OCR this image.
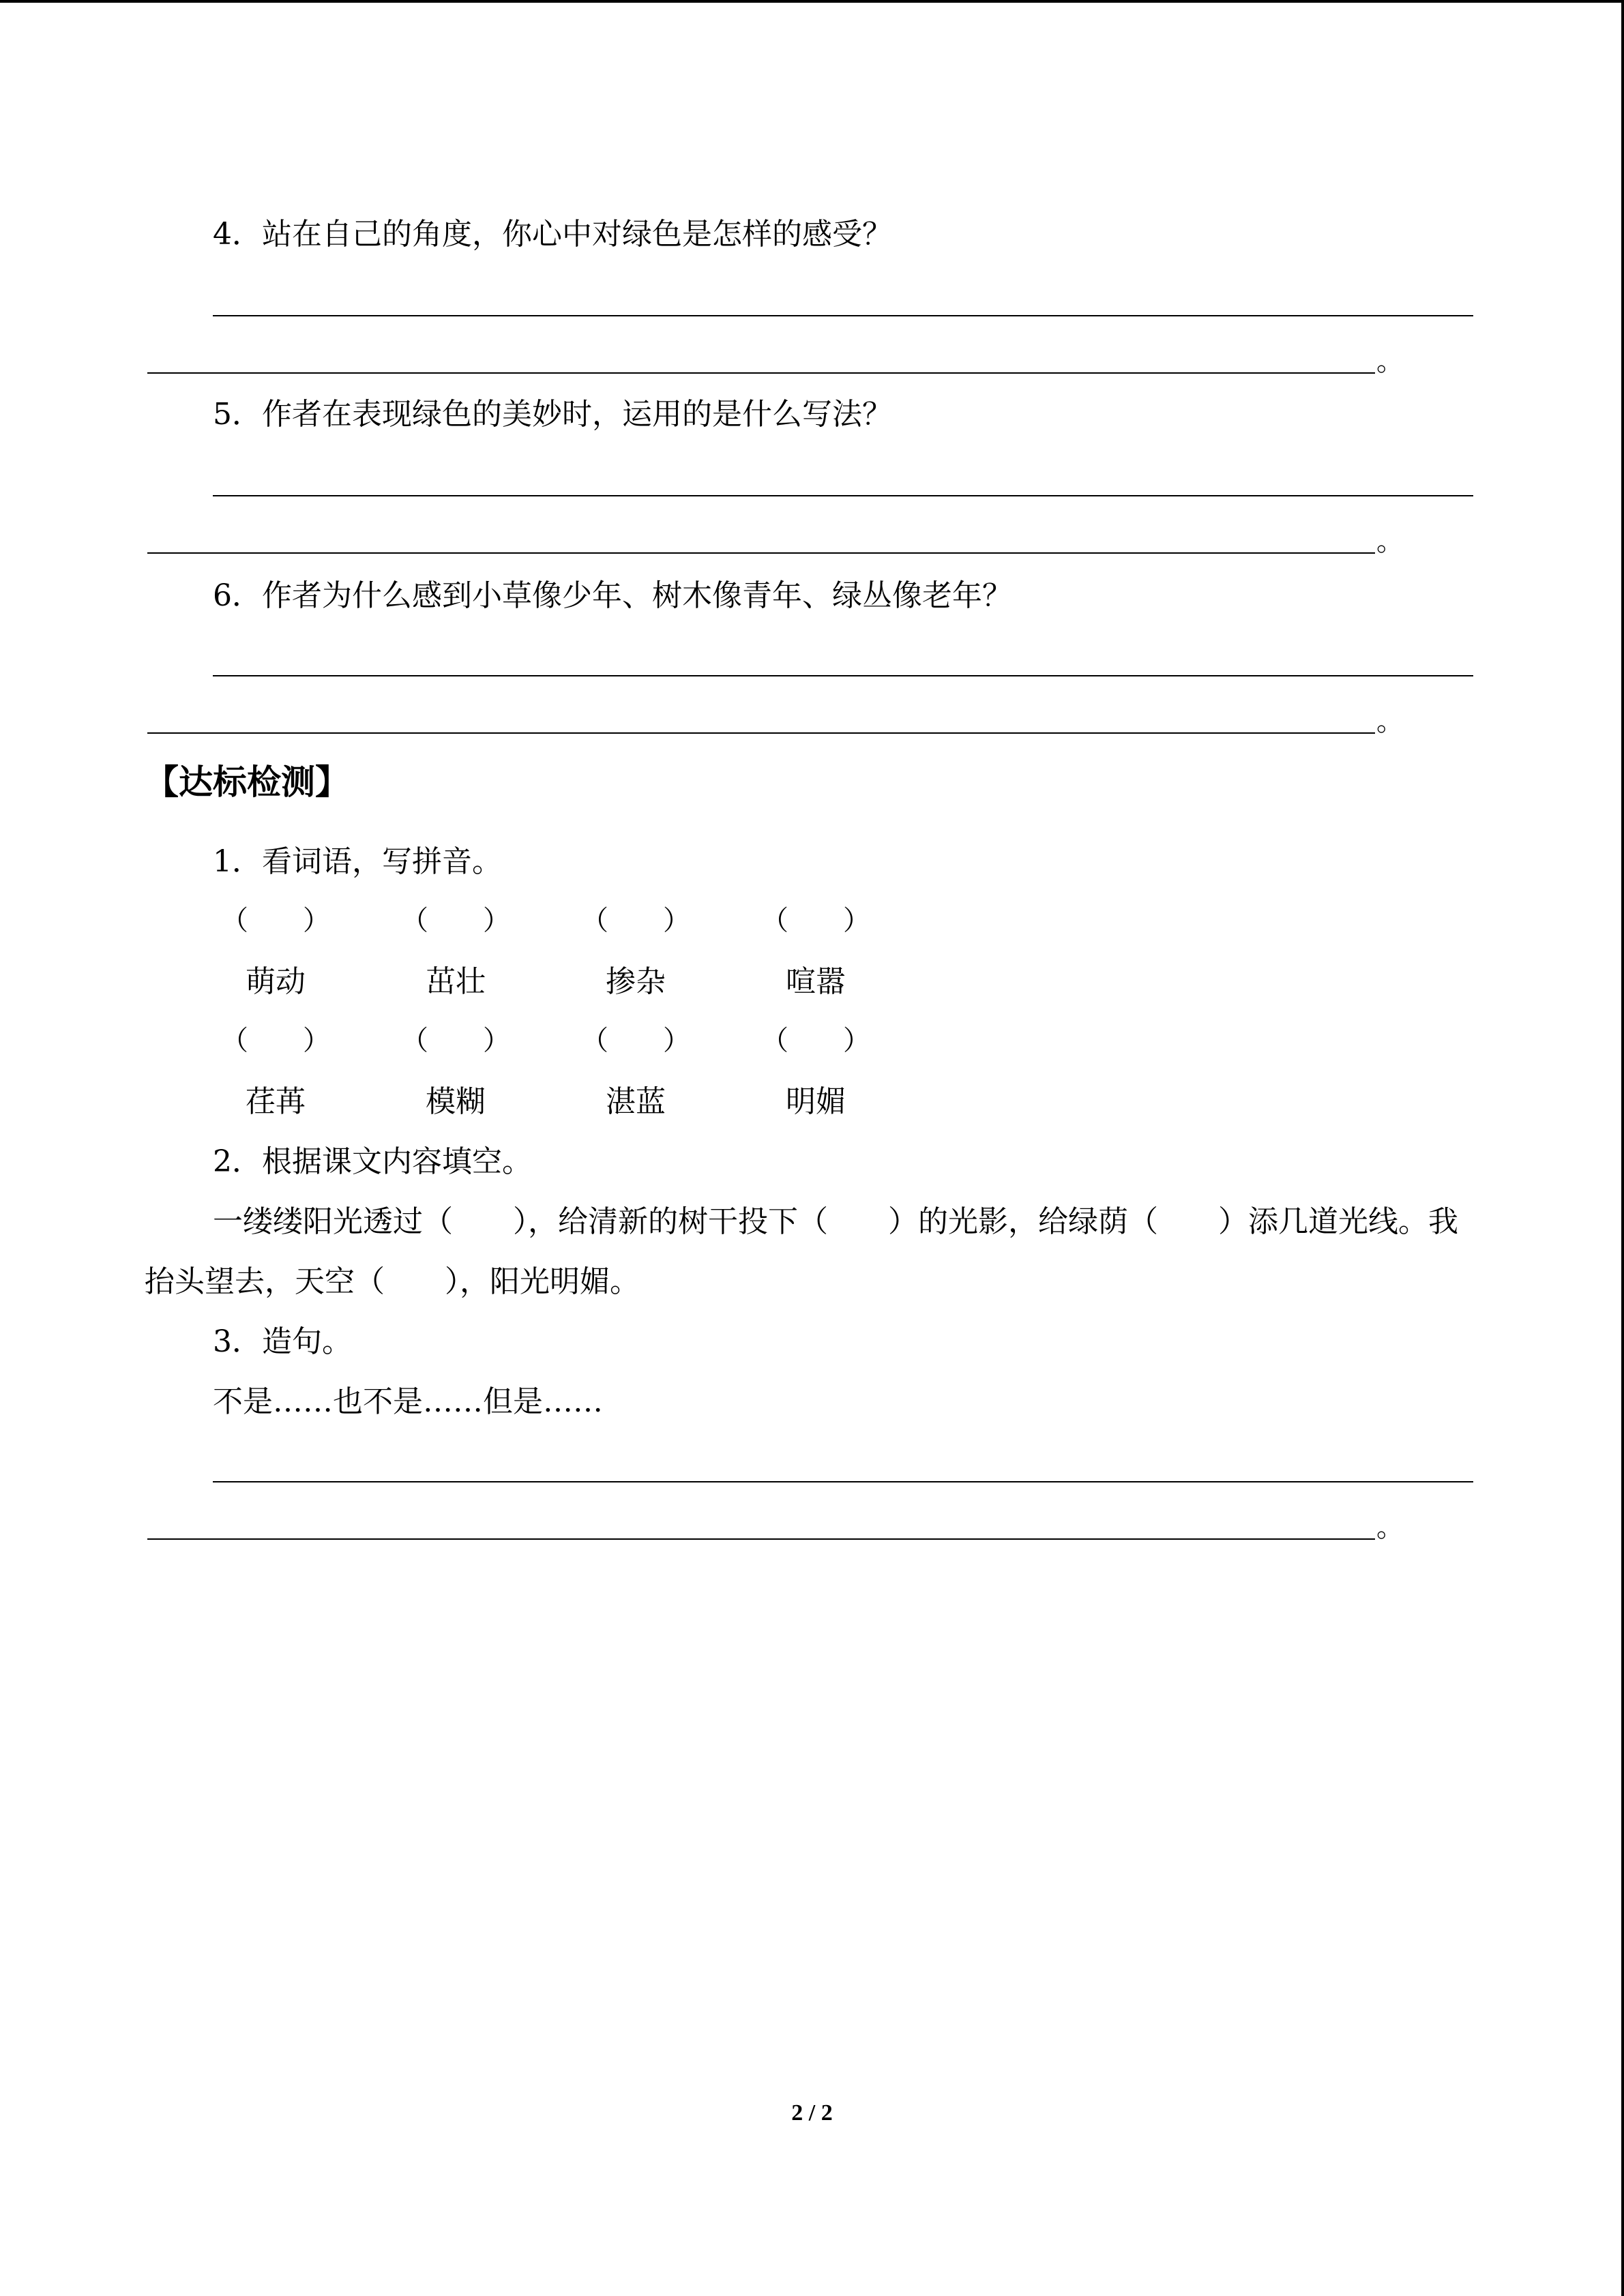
4．站在自己的角度，你心中对绿色是怎样的感受？

。

5．作者在表现绿色的美妙时，运用的是什么写法？

。

6．作者为什么感到小草像少年、树木像青年、绿丛像老年？

。
【达标检测】

1．看词语，写拼音。

（　　）	（　　）	（　　）	（　　）
萌动	茁壮	掺杂	喧嚣
（　　）	（　　）	（　　）	（　　）
荏苒	模糊	湛蓝	明媚

2．根据课文内容填空。

一缕缕阳光透过（　　），给清新的树干投下（　　）的光影，给绿荫（　　）添几道光线。我抬头望去，天空（　　），阳光明媚。

3．造句。

不是……也不是……但是……

。
2 / 2
